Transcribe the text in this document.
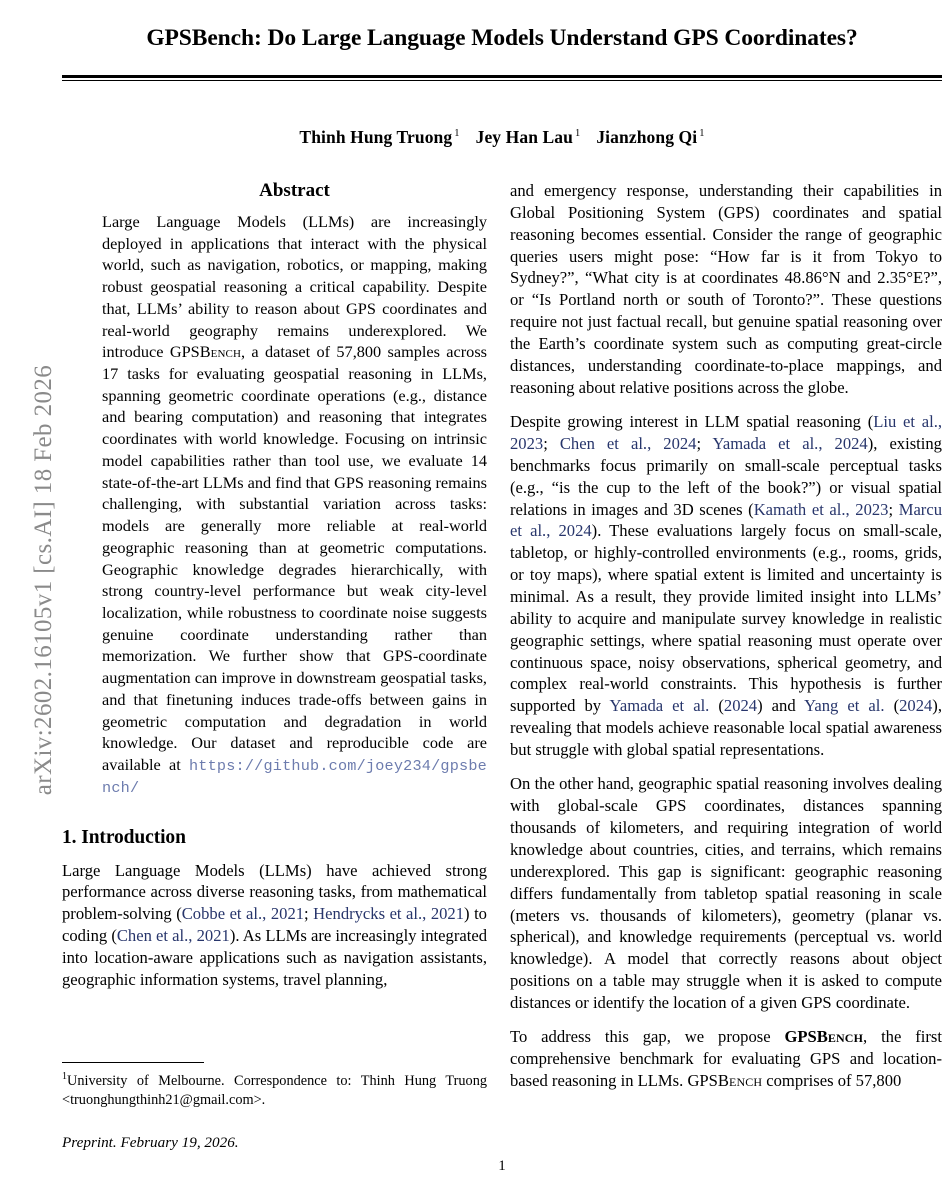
arXiv:2602.16105v1 [cs.AI] 18 Feb 2026
GPSBench: Do Large Language Models Understand GPS Coordinates?
Thinh Hung Truong $^1$ Jey Han Lau $^1$ Jianzhong Qi $^1$
Abstract

Large Language Models (LLMs) are increasingly deployed in applications that interact with the physical world, such as navigation, robotics, or mapping, making robust geospatial reasoning a critical capability. Despite that, LLMs’ ability to reason about GPS coordinates and real-world geography remains underexplored. We introduce GPSBench, a dataset of 57,800 samples across 17 tasks for evaluating geospatial reasoning in LLMs, spanning geometric coordinate operations (e.g., distance and bearing computation) and reasoning that integrates coordinates with world knowledge. Focusing on intrinsic model capabilities rather than tool use, we evaluate 14 state-of-the-art LLMs and find that GPS reasoning remains challenging, with substantial variation across tasks: models are generally more reliable at real-world geographic reasoning than at geometric computations. Geographic knowledge degrades hierarchically, with strong country-level performance but weak city-level localization, while robustness to coordinate noise suggests genuine coordinate understanding rather than memorization. We further show that GPS-coordinate augmentation can improve in downstream geospatial tasks, and that finetuning induces trade-offs between gains in geometric computation and degradation in world knowledge. Our dataset and reproducible code are available at https://github.com/joey234/gpsbench/

1. Introduction

Large Language Models (LLMs) have achieved strong performance across diverse reasoning tasks, from mathematical problem-solving (Cobbe et al., 2021; Hendrycks et al., 2021) to coding (Chen et al., 2021). As LLMs are increasingly integrated into location-aware applications such as navigation assistants, geographic information systems, travel planning,

and emergency response, understanding their capabilities in Global Positioning System (GPS) coordinates and spatial reasoning becomes essential. Consider the range of geographic queries users might pose: “How far is it from Tokyo to Sydney?”, “What city is at coordinates 48.86°N and 2.35°E?”, or “Is Portland north or south of Toronto?”. These questions require not just factual recall, but genuine spatial reasoning over the Earth’s coordinate system such as computing great-circle distances, understanding coordinate-to-place mappings, and reasoning about relative positions across the globe.

Despite growing interest in LLM spatial reasoning (Liu et al., 2023; Chen et al., 2024; Yamada et al., 2024), existing benchmarks focus primarily on small-scale perceptual tasks (e.g., “is the cup to the left of the book?”) or visual spatial relations in images and 3D scenes (Kamath et al., 2023; Marcu et al., 2024). These evaluations largely focus on small-scale, tabletop, or highly-controlled environments (e.g., rooms, grids, or toy maps), where spatial extent is limited and uncertainty is minimal. As a result, they provide limited insight into LLMs’ ability to acquire and manipulate survey knowledge in realistic geographic settings, where spatial reasoning must operate over continuous space, noisy observations, spherical geometry, and complex real-world constraints. This hypothesis is further supported by Yamada et al. (2024) and Yang et al. (2024), revealing that models achieve reasonable local spatial awareness but struggle with global spatial representations.

On the other hand, geographic spatial reasoning involves dealing with global-scale GPS coordinates, distances spanning thousands of kilometers, and requiring integration of world knowledge about countries, cities, and terrains, which remains underexplored. This gap is significant: geographic reasoning differs fundamentally from tabletop spatial reasoning in scale (meters vs. thousands of kilometers), geometry (planar vs. spherical), and knowledge requirements (perceptual vs. world knowledge). A model that correctly reasons about object positions on a table may struggle when it is asked to compute distances or identify the location of a given GPS coordinate.

To address this gap, we propose GPSBench, the first comprehensive benchmark for evaluating GPS and location-based reasoning in LLMs. GPSBench comprises of 57,800

$^1$University of Melbourne. Correspondence to: Thinh Hung Truong <truonghungthinh21@gmail.com>.

Preprint. February 19, 2026.
1
